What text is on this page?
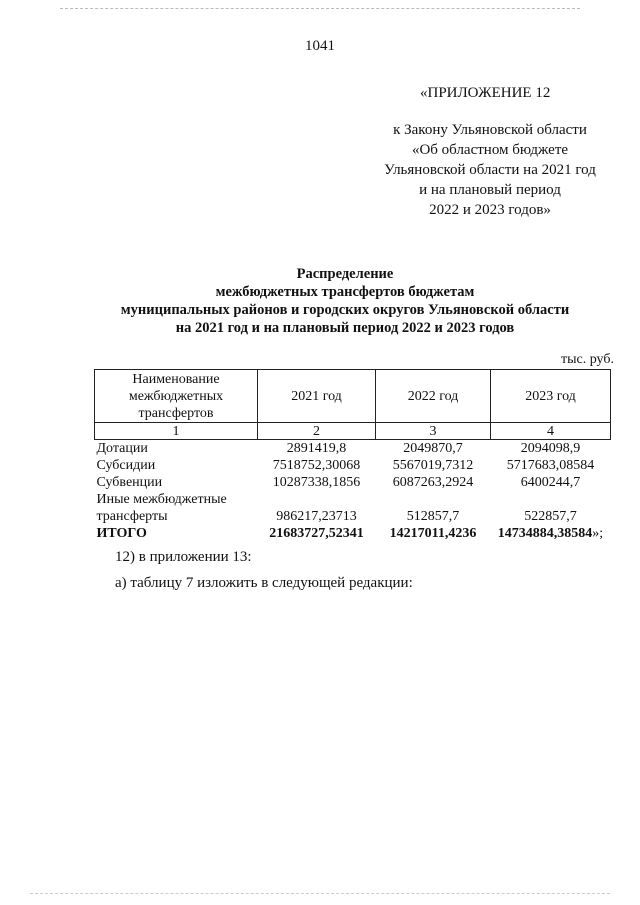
1041
«ПРИЛОЖЕНИЕ 12
к Закону Ульяновской области
«Об областном бюджете
Ульяновской области на 2021 год
и на плановый период
2022 и 2023 годов»
Распределение
межбюджетных трансфертов бюджетам
муниципальных районов и городских округов Ульяновской области
на 2021 год и на плановый период 2022 и 2023 годов
тыс. руб.
Наименование межбюджетных трансфертов	2021 год	2022 год	2023 год
1	2	3	4
Дотации	2891419,8	2049870,7	2094098,9
Субсидии	7518752,30068	5567019,7312	5717683,08584
Субвенции	10287338,1856	6087263,2924	6400244,7

Иные межбюджетные
трансферты	986217,23713	512857,7	522857,7
ИТОГО	21683727,52341	14217011,4236	14734884,38584»;
12) в приложении 13:
а) таблицу 7 изложить в следующей редакции:
